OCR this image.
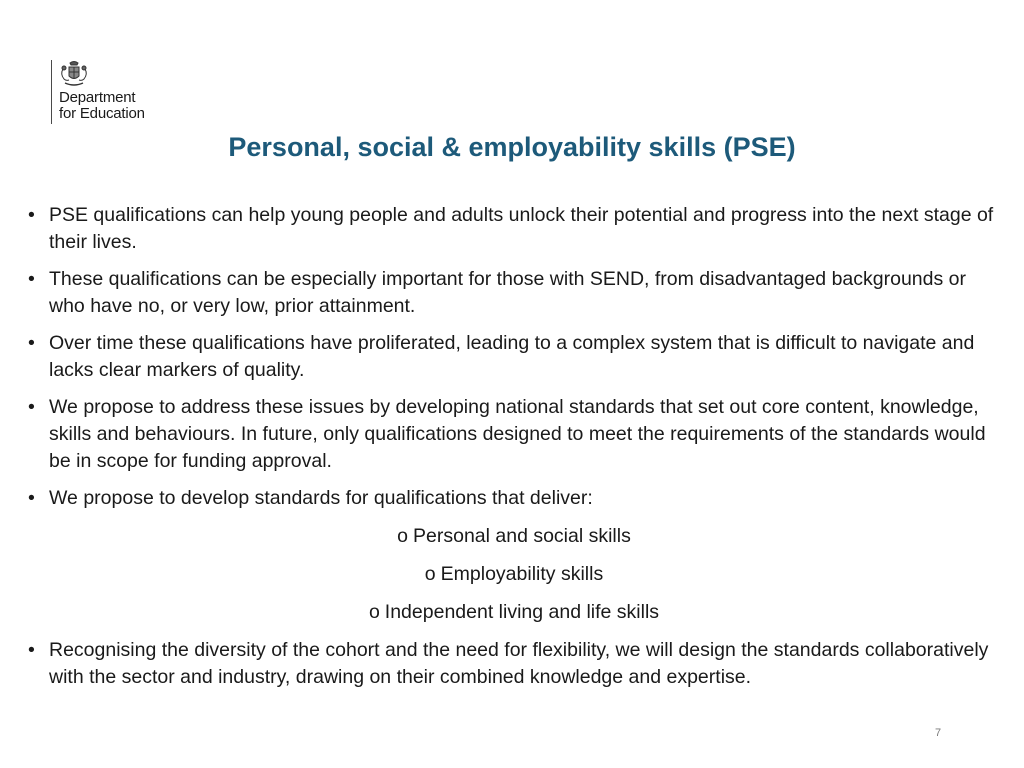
Department
for Education
Personal, social & employability skills (PSE)
• PSE qualifications can help young people and adults unlock their potential and progress into the next stage of their lives.
• These qualifications can be especially important for those with SEND, from disadvantaged backgrounds or who have no, or very low, prior attainment.
• Over time these qualifications have proliferated, leading to a complex system that is difficult to navigate and lacks clear markers of quality.
• We propose to address these issues by developing national standards that set out core content, knowledge, skills and behaviours. In future, only qualifications designed to meet the requirements of the standards would be in scope for funding approval.
• We propose to develop standards for qualifications that deliver:
o Personal and social skills
o Employability skills
o Independent living and life skills
• Recognising the diversity of the cohort and the need for flexibility, we will design the standards collaboratively with the sector and industry, drawing on their combined knowledge and expertise.
7
